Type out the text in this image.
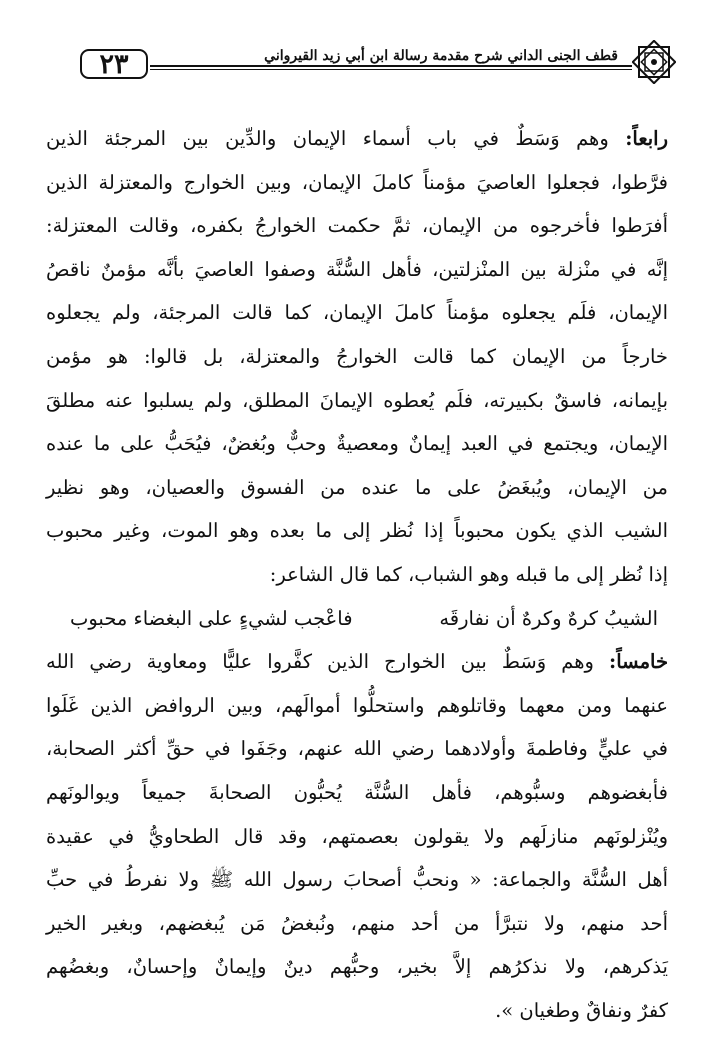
٢٣	قطف الجنى الداني شرح مقدمة رسالة ابن أبي زيد القيرواني
رابعاً: وهم وَسَطٌ في باب أسماء الإيمان والدِّين بين المرجئة الذين
فرَّطوا، فجعلوا العاصيَ مؤمناً كاملَ الإيمان، وبين الخوارج والمعتزلة الذين
أفرَطوا فأخرجوه من الإيمان، ثمَّ حكمت الخوارجُ بكفره، وقالت المعتزلة:
إنَّه في منْزلة بين المنْزلتين، فأهل السُّنَّة وصفوا العاصيَ بأنَّه مؤمنٌ ناقصُ
الإيمان، فلَم يجعلوه مؤمناً كاملَ الإيمان، كما قالت المرجئة، ولم يجعلوه
خارجاً من الإيمان كما قالت الخوارجُ والمعتزلة، بل قالوا: هو مؤمن
بإيمانه، فاسقٌ بكبيرته، فلَم يُعطوه الإيمانَ المطلق، ولم يسلبوا عنه مطلقَ
الإيمان، ويجتمع في العبد إيمانٌ ومعصيةٌ وحبٌّ وبُغضٌ، فيُحَبُّ على ما عنده
من الإيمان، ويُبغَضُ على ما عنده من الفسوق والعصيان، وهو نظير
الشيب الذي يكون محبوباً إذا نُظر إلى ما بعده وهو الموت، وغير محبوب
إذا نُظر إلى ما قبله وهو الشباب، كما قال الشاعر:
الشيبُ كرهٌ وكرهٌ أن نفارقَه
فاعْجب لشيءٍ على البغضاء محبوب
خامساً: وهم وَسَطٌ بين الخوارج الذين كفَّروا عليًّا ومعاوية رضي الله
عنهما ومن معهما وقاتلوهم واستحلُّوا أموالَهم، وبين الروافض الذين غَلَوا
في عليٍّ وفاطمةَ وأولادهما رضي الله عنهم، وجَفَوا في حقِّ أكثر الصحابة،
فأبغضوهم وسبُّوهم، فأهل السُّنَّة يُحبُّون الصحابةَ جميعاً ويوالونَهم
ويُنْزلونَهم منازلَهم ولا يقولون بعصمتهم، وقد قال الطحاويُّ في عقيدة
أهل السُّنَّة والجماعة: « ونحبُّ أصحابَ رسول الله ﷺ ولا نفرطُ في حبِّ
أحد منهم، ولا نتبرَّأ من أحد منهم، ونُبغضُ مَن يُبغضهم، وبغير الخير
يَذكرهم، ولا نذكرُهم إلاَّ بخير، وحبُّهم دينٌ وإيمانٌ وإحسانٌ، وبغضُهم
كفرٌ ونفاقٌ وطغيان ».
